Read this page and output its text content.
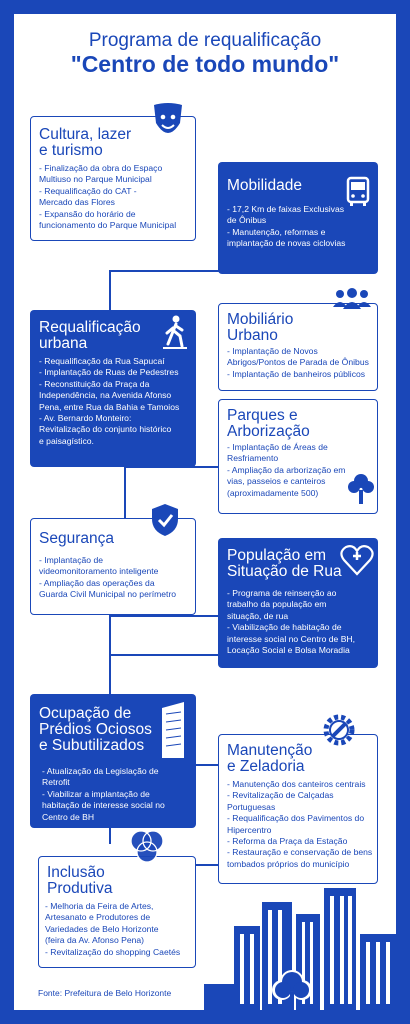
Programa de requalificação
"Centro de todo mundo"
Cultura, lazer
e turismo
- Finalização da obra do Espaço
Multiuso no Parque Municipal
- Requalificação do CAT -
Mercado das Flores
- Expansão do horário de
funcionamento do Parque Municipal
Mobilidade
- 17,2 Km de faixas Exclusivas
de Ônibus
- Manutenção, reformas e
implantação de novas ciclovias
Requalificação
urbana
- Requalificação da Rua Sapucaí
- Implantação de Ruas de Pedestres
- Reconstituição da Praça da
Independência, na Avenida Afonso
Pena, entre Rua da Bahia e Tamoios
- Av. Bernardo Monteiro:
Revitalização do conjunto histórico
e paisagístico.
Mobiliário
Urbano
- Implantação de Novos
Abrigos/Pontos de Parada de Ônibus
- Implantação de banheiros públicos
Parques e
Arborização
- Implantação de Áreas de
Resfriamento
- Ampliação da arborização em
vias, passeios e canteiros
(aproximadamente 500)
Segurança
- Implantação de
videomonitoramento inteligente
- Ampliação das operações da
Guarda Civil Municipal no perímetro
População em
Situação de Rua
- Programa de reinserção ao
trabalho da população em
situação, de rua
- Viabilização de habitação de
interesse social no Centro de BH,
Locação Social e Bolsa Moradia
Ocupação de
Prédios Ociosos
e Subutilizados
- Atualização da Legislação de
Retrofit
- Viabilizar a implantação de
habitação de interesse social no
Centro de BH
Manutenção
e Zeladoria
- Manutenção dos canteiros centrais
- Revitalização de Calçadas
Portuguesas
- Requalificação dos Pavimentos do
Hipercentro
- Reforma da Praça da Estação
- Restauração e conservação de bens
tombados próprios do município
Inclusão
Produtiva
- Melhoria da Feira de Artes,
Artesanato e Produtores de
Variedades de Belo Horizonte
(feira da Av. Afonso Pena)
- Revitalização do shopping Caetés
Fonte: Prefeitura de Belo Horizonte
